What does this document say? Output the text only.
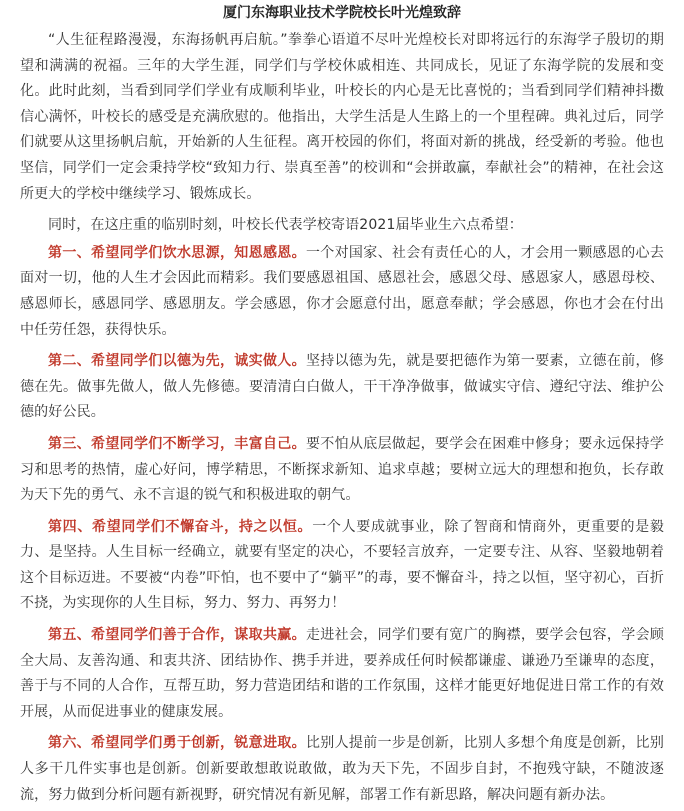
厦门东海职业技术学院校长叶光煌致辞

“人生征程路漫漫，东海扬帆再启航。”拳拳心语道不尽叶光煌校长对即将远行的东海学子殷切的期望和满满的祝福。三年的大学生涯，同学们与学校休戚相连、共同成长，见证了东海学院的发展和变化。此时此刻，当看到同学们学业有成顺利毕业，叶校长的内心是无比喜悦的；当看到同学们精神抖擞信心满怀，叶校长的感受是充满欣慰的。他指出，大学生活是人生路上的一个里程碑。典礼过后，同学们就要从这里扬帆启航，开始新的人生征程。离开校园的你们，将面对新的挑战，经受新的考验。他也坚信，同学们一定会秉持学校“致知力行、崇真至善”的校训和“会拼敢赢，奉献社会”的精神，在社会这所更大的学校中继续学习、锻炼成长。

同时，在这庄重的临别时刻，叶校长代表学校寄语2021届毕业生六点希望：

第一、希望同学们饮水思源，知恩感恩。一个对国家、社会有责任心的人，才会用一颗感恩的心去面对一切，他的人生才会因此而精彩。我们要感恩祖国、感恩社会，感恩父母、感恩家人，感恩母校、感恩师长，感恩同学、感恩朋友。学会感恩，你才会愿意付出，愿意奉献；学会感恩，你也才会在付出中任劳任怨，获得快乐。

第二、希望同学们以德为先，诚实做人。坚持以德为先，就是要把德作为第一要素，立德在前，修德在先。做事先做人，做人先修德。要清清白白做人，干干净净做事，做诚实守信、遵纪守法、维护公德的好公民。

第三、希望同学们不断学习，丰富自己。要不怕从底层做起，要学会在困难中修身；要永远保持学习和思考的热情，虚心好问，博学精思，不断探求新知、追求卓越；要树立远大的理想和抱负，长存敢为天下先的勇气、永不言退的锐气和积极进取的朝气。

第四、希望同学们不懈奋斗，持之以恒。一个人要成就事业，除了智商和情商外，更重要的是毅力、是坚持。人生目标一经确立，就要有坚定的决心，不要轻言放弃，一定要专注、从容、坚毅地朝着这个目标迈进。不要被“内卷”吓怕，也不要中了“躺平”的毒，要不懈奋斗，持之以恒，坚守初心，百折不挠，为实现你的人生目标，努力、努力、再努力！

第五、希望同学们善于合作，谋取共赢。走进社会，同学们要有宽广的胸襟，要学会包容，学会顾全大局、友善沟通、和衷共济、团结协作、携手并进，要养成任何时候都谦虚、谦逊乃至谦卑的态度，善于与不同的人合作，互帮互助，努力营造团结和谐的工作氛围，这样才能更好地促进日常工作的有效开展，从而促进事业的健康发展。

第六、希望同学们勇于创新，锐意进取。比别人提前一步是创新，比别人多想个角度是创新，比别人多干几件实事也是创新。创新要敢想敢说敢做，敢为天下先，不固步自封，不抱残守缺，不随波逐流，努力做到分析问题有新视野，研究情况有新见解，部署工作有新思路，解决问题有新办法。
